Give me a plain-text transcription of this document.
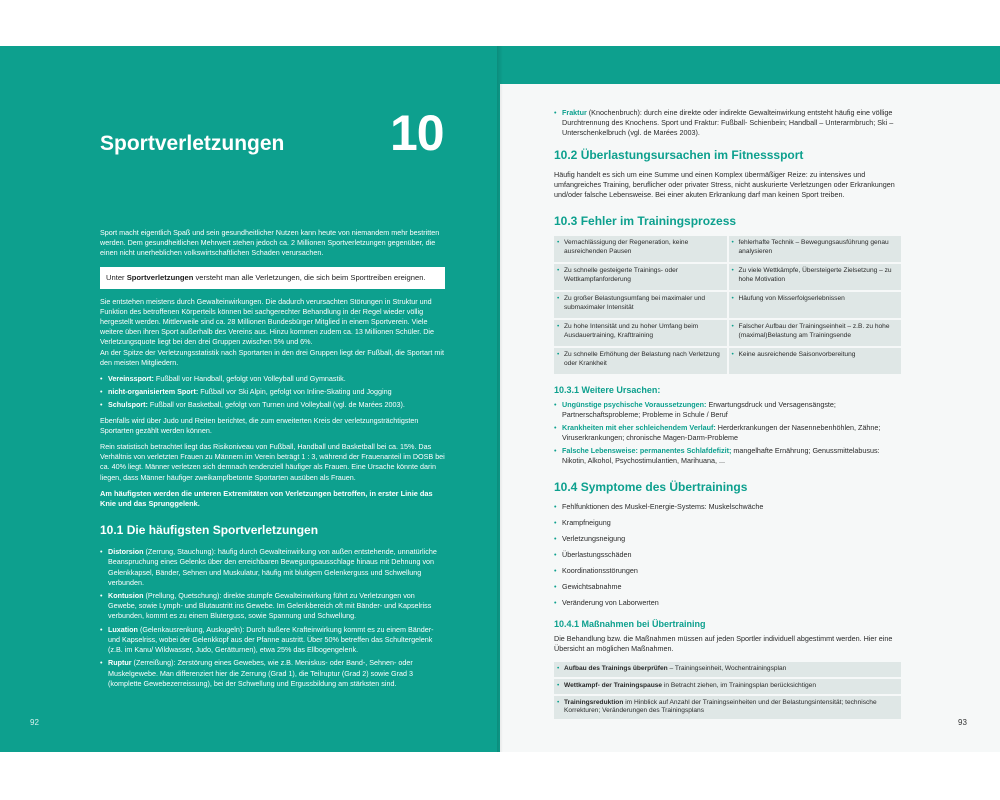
Sportverletzungen 10

Sport macht eigentlich Spaß und sein gesundheitlicher Nutzen kann heute von niemandem mehr bestritten werden. Dem gesundheitlichen Mehrwert stehen jedoch ca. 2 Millionen Sportverletzungen gegenüber, die einen nicht unerheblichen volkswirtschaftlichen Schaden verursachen.

Unter Sportverletzungen versteht man alle Verletzungen, die sich beim Sporttreiben ereignen.

Sie entstehen meistens durch Gewalteinwirkungen. Die dadurch verursachten Störungen in Struktur und Funktion des betroffenen Körperteils können bei sachgerechter Behandlung in der Regel wieder völlig hergestellt werden. Mittlerweile sind ca. 28 Millionen Bundesbürger Mitglied in einem Sportverein. Viele weitere üben ihren Sport außerhalb des Vereins aus. Hinzu kommen zudem ca. 13 Millionen Schüler. Die Verletzungsquote liegt bei den drei Gruppen zwischen 5% und 6%.

An der Spitze der Verletzungsstatistik nach Sportarten in den drei Gruppen liegt der Fußball, die Sportart mit den meisten Mitgliedern.

• Vereinssport: Fußball vor Handball, gefolgt von Volleyball und Gymnastik.
• nicht-organisiertem Sport: Fußball vor Ski Alpin, gefolgt von Inline-Skating und Jogging
• Schulsport: Fußball vor Basketball, gefolgt von Turnen und Volleyball (vgl. de Marées 2003).

Ebenfalls wird über Judo und Reiten berichtet, die zum erweiterten Kreis der verletzungsträchtigsten Sportarten gezählt werden können.

Rein statistisch betrachtet liegt das Risikoniveau von Fußball, Handball und Basketball bei ca. 15%. Das Verhältnis von verletzten Frauen zu Männern im Verein beträgt 1 : 3, während der Frauenanteil im DOSB bei ca. 40% liegt. Männer verletzen sich demnach tendenziell häufiger als Frauen. Eine Ursache könnte darin liegen, dass Männer häufiger zweikampfbetonte Sportarten ausüben als Frauen.

Am häufigsten werden die unteren Extremitäten von Verletzungen betroffen, in erster Linie das Knie und das Sprunggelenk.

10.1 Die häufigsten Sportverletzungen
• Distorsion (Zerrung, Stauchung): häufig durch Gewalteinwirkung von außen entstehende, unnatürliche Beanspruchung eines Gelenks über den erreichbaren Bewegungsausschlage hinaus mit Dehnung von Gelenkkapsel, Bänder, Sehnen und Muskulatur, häufig mit blutigem Gelenkerguss und Schwellung verbunden.
• Kontusion (Prellung, Quetschung): direkte stumpfe Gewalteinwirkung führt zu Verletzungen von Gewebe, sowie Lymph- und Blutaustritt ins Gewebe. Im Gelenkbereich oft mit Bänder- und Kapselriss verbunden, kommt es zu einem Bluterguss, sowie Spannung und Schwellung.
• Luxation (Gelenkausrenkung, Auskugeln): Durch äußere Krafteinwirkung kommt es zu einem Bänder- und Kapselriss, wobei der Gelenkkopf aus der Pfanne austritt. Über 50% betreffen das Schultergelenk (z.B. im Kanu/ Wildwasser, Judo, Gerätturnen), etwa 25% das Ellbogengelenk.
• Ruptur (Zerreißung): Zerstörung eines Gewebes, wie z.B. Meniskus- oder Band-, Sehnen- oder Muskelgewebe. Man differenziert hier die Zerrung (Grad 1), die Teilruptur (Grad 2) sowie Grad 3 (komplette Gewebezerreissung), bei der Schwellung und Ergussbildung am stärksten sind.
92
• Fraktur (Knochenbruch): durch eine direkte oder indirekte Gewalteinwirkung entsteht häufig eine völlige Durchtrennung des Knochens. Sport und Fraktur: Fußball- Schienbein; Handball – Unterarmbruch; Ski – Unterschenkelbruch (vgl. de Marées 2003).
10.2 Überlastungsursachen im Fitnesssport

Häufig handelt es sich um eine Summe und einen Komplex übermäßiger Reize: zu intensives und umfangreiches Training, beruflicher oder privater Stress, nicht auskurierte Verletzungen oder Erkrankungen und/oder falsche Lebensweise. Bei einer akuten Erkrankung darf man keinen Sport treiben.

10.3 Fehler im Trainingsprozess
• Vernachlässigung der Regeneration, keine ausreichenden Pausen
• fehlerhafte Technik – Bewegungsausführung genau analysieren
• Zu schnelle gesteigerte Trainings- oder Wettkampfanforderung
• Zu viele Wettkämpfe, Übersteigerte Zielsetzung – zu hohe Motivation
• Zu großer Belastungsumfang bei maximaler und submaximaler Intensität
• Häufung von Misserfolgserlebnissen
• Zu hohe Intensität und zu hoher Umfang beim Ausdauertraining, Krafttraining
• Falscher Aufbau der Trainingseinheit – z.B. zu hohe (maximal)Belastung am Trainingsende
• Zu schnelle Erhöhung der Belastung nach Verletzung oder Krankheit
• Keine ausreichende Saisonvorbereitung
10.3.1 Weitere Ursachen:
• Ungünstige psychische Voraussetzungen: Erwartungsdruck und Versagensängste; Partnerschaftsprobleme; Probleme in Schule / Beruf
• Krankheiten mit eher schleichendem Verlauf: Herderkrankungen der Nasennebenhöhlen, Zähne; Viruserkrankungen; chronische Magen-Darm-Probleme
• Falsche Lebensweise: permanentes Schlafdefizit; mangelhafte Ernährung; Genussmittelabusus: Nikotin, Alkohol, Psychostimulantien, Marihuana, ...
10.4 Symptome des Übertrainings
• Fehlfunktionen des Muskel-Energie-Systems: Muskelschwäche
• Krampfneigung
• Verletzungsneigung
• Überlastungsschäden
• Koordinationsstörungen
• Gewichtsabnahme
• Veränderung von Laborwerten
10.4.1 Maßnahmen bei Übertraining

Die Behandlung bzw. die Maßnahmen müssen auf jeden Sportler individuell abgestimmt werden. Hier eine Übersicht an möglichen Maßnahmen.

• Aufbau des Trainings überprüfen – Trainingseinheit, Wochentrainingsplan
• Wettkampf- der Trainingspause in Betracht ziehen, im Trainingsplan berücksichtigen
• Trainingsreduktion im Hinblick auf Anzahl der Trainingseinheiten und der Belastungsintensität; technische Korrekturen; Veränderungen des Trainingsplans
93
